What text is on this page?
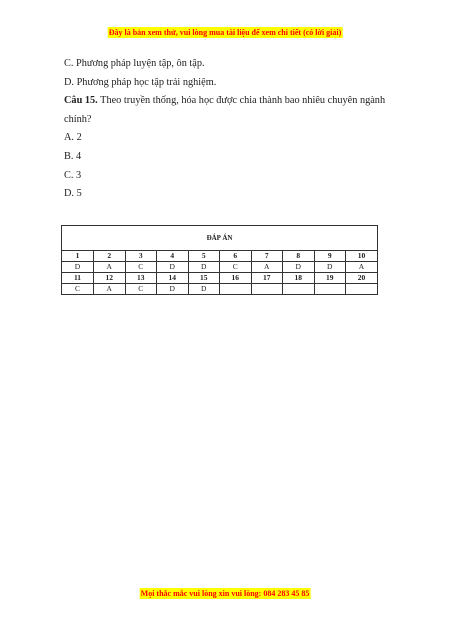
Đây là bản xem thử, vui lòng mua tài liệu để xem chi tiết (có lời giải)
C. Phương pháp luyện tập, ôn tập.
D. Phương pháp học tập trải nghiệm.
Câu 15. Theo truyền thống, hóa học được chia thành bao nhiêu chuyên ngành chính?
A. 2
B. 4
C. 3
D. 5
ĐÁP ÁN
1	2	3	4	5	6	7	8	9	10
D	A	C	D	D	C	A	D	D	A
11	12	13	14	15	16	17	18	19	20
C	A	C	D	D					
Mọi thắc mắc vui lòng xin vui lòng: 084 283 45 85
